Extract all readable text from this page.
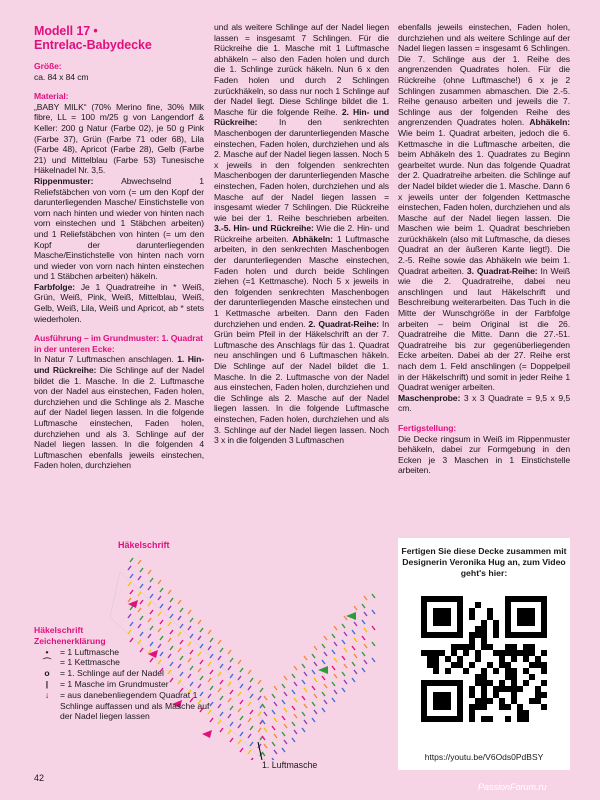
Modell 17 •
Entrelac-Babydecke
Größe:

ca. 84 x 84 cm

Material:

„BABY MILK“ (70% Merino fine, 30% Milk fibre, LL = 100 m/25 g von Langendorf & Keller: 200 g Natur (Farbe 02), je 50 g Pink (Farbe 37), Grün (Farbe 71 oder 68), Lila (Farbe 48), Apricot (Farbe 28), Gelb (Farbe 21) und Mittelblau (Farbe 53) Tunesische Häkelnadel Nr. 3,5.

Rippenmuster: Abwechselnd 1 Reliefstäbchen von vorn (= um den Kopf der darunterliegenden Masche/ Einstichstelle von vorn nach hinten und wieder von hinten nach vorn einstechen und 1 Stäbchen arbeiten) und 1 Reliefstäbchen von hinten (= um den Kopf der darunterliegenden Masche/Einstichstelle von hinten nach vorn und wieder von vorn nach hinten einstechen und 1 Stäbchen arbeiten) häkeln.

Farbfolge: Je 1 Quadratreihe in * Weiß, Grün, Weiß, Pink, Weiß, Mittelblau, Weiß, Gelb, Weiß, Lila, Weiß und Apricot, ab * stets wiederholen.

Ausführung – im Grundmuster: 1. Quadrat in der unteren Ecke:

In Natur 7 Luftmaschen anschlagen. 1. Hin- und Rückreihe: Die Schlinge auf der Nadel bildet die 1. Masche. In die 2. Luftmasche von der Nadel aus einstechen, Faden holen, durchziehen und die Schlinge als 2. Masche auf der Nadel liegen lassen. In die folgende Luftmasche einstechen, Faden holen, durchziehen und als 3. Schlinge auf der Nadel liegen lassen. In die folgenden 4 Luftmaschen ebenfalls jeweils einstechen, Faden holen, durchziehen

und als weitere Schlinge auf der Nadel liegen lassen = insgesamt 7 Schlingen. Für die Rückreihe die 1. Masche mit 1 Luftmasche abhäkeln – also den Faden holen und durch die 1. Schlinge zurück häkeln. Nun 6 x den Faden holen und durch 2 Schlingen zurückhäkeln, so dass nur noch 1 Schlinge auf der Nadel liegt. Diese Schlinge bildet die 1. Masche für die folgende Reihe. 2. Hin- und Rückreihe: In den senkrechten Maschenbogen der darunterliegenden Masche einstechen, Faden holen, durchziehen und als 2. Masche auf der Nadel liegen lassen. Noch 5 x jeweils in den folgenden senkrechten Maschenbogen der darunterliegenden Masche einstechen, Faden holen, durchziehen und als Masche auf der Nadel liegen lassen = insgesamt wieder 7 Schlingen. Die Rückreihe wie bei der 1. Reihe beschrieben arbeiten. 3.-5. Hin- und Rückreihe: Wie die 2. Hin- und Rückreihe arbeiten. Abhäkeln: 1 Luftmasche arbeiten, in den senkrechten Maschenbogen der darunterliegenden Masche einstechen, Faden holen und durch beide Schlingen ziehen (=1 Kettmasche). Noch 5 x jeweils in den folgenden senkrechten Maschenbogen der darunterliegenden Masche einstechen und 1 Kettmasche arbeiten. Dann den Faden durchziehen und enden. 2. Quadrat-Reihe: In Grün beim Pfeil in der Häkelschrift an der 7. Luftmasche des Anschlags für das 1. Quadrat neu anschlingen und 6 Luftmaschen häkeln. Die Schlinge auf der Nadel bildet die 1. Masche. In die 2. Luftmasche von der Nadel aus einstechen, Faden holen, durchziehen und die Schlinge als 2. Masche auf der Nadel liegen lassen. In die folgende Luftmasche einstechen, Faden holen, durchziehen und als 3. Schlinge auf der Nadel liegen lassen. Noch 3 x in die folgenden 3 Luftmaschen

ebenfalls jeweils einstechen, Faden holen, durchziehen und als weitere Schlinge auf der Nadel liegen lassen = insgesamt 6 Schlingen. Die 7. Schlinge aus der 1. Reihe des angrenzenden Quadrates holen. Für die Rückreihe (ohne Luftmasche!) 6 x je 2 Schlingen zusammen abmaschen. Die 2.-5. Reihe genauso arbeiten und jeweils die 7. Schlinge aus der folgenden Reihe des angrenzenden Quadrates holen. Abhäkeln: Wie beim 1. Quadrat arbeiten, jedoch die 6. Kettmasche in die Luftmasche arbeiten, die beim Abhäkeln des 1. Quadrates zu Beginn gearbeitet wurde. Nun das folgende Quadrat der 2. Quadratreihe arbeiten. die Schlinge auf der Nadel bildet wieder die 1. Masche. Dann 6 x jeweils unter der folgenden Kettmasche einstechen, Faden holen, durchziehen und als Masche auf der Nadel liegen lassen. Die Maschen wie beim 1. Quadrat beschrieben zurückhäkeln (also mit Luftmasche, da dieses Quadrat an der äußeren Kante liegt!). Die 2.-5. Reihe sowie das Abhäkeln wie beim 1. Quadrat arbeiten. 3. Quadrat-Reihe: In Weiß wie die 2. Quadratreihe, dabei neu anschlingen und laut Häkelschrift und Beschreibung weiterarbeiten. Das Tuch in die Mitte der Wunschgröße in der Farbfolge arbeiten – beim Original ist die 26. Quadratreihe die Mitte. Dann die 27.-51. Quadratreihe bis zur gegenüberliegenden Ecke arbeiten. Dabei ab der 27. Reihe erst nach dem 1. Feld anschlingen (= Doppelpeil in der Häkelschrift) und somit in jeder Reihe 1 Quadrat weniger arbeiten.

Maschenprobe: 3 x 3 Quadrate = 9,5 x 9,5 cm.

Fertigstellung:

Die Decke ringsum in Weiß im Rippenmuster behäkeln, dabei zur Formgebung in den Ecken je 3 Maschen in 1 Einstichstelle arbeiten.

Häkelschrift
1. Luftmasche
Häkelschrift
Zeichenerklärung
•	= 1 Luftmasche
⌒	= 1 Kettmasche
o	= 1. Schlinge auf der Nadel
|	= 1 Masche im Grundmuster
↓	= aus danebenliegendem Quadrat 1 Schlinge auffassen und als Masche auf der Nadel liegen lassen
Fertigen Sie diese Decke zusammen mit Designerin Veronika Hug an, zum Video geht's hier:
https://youtu.be/V6Ods0PdBSY
42
PassionForum.ru
